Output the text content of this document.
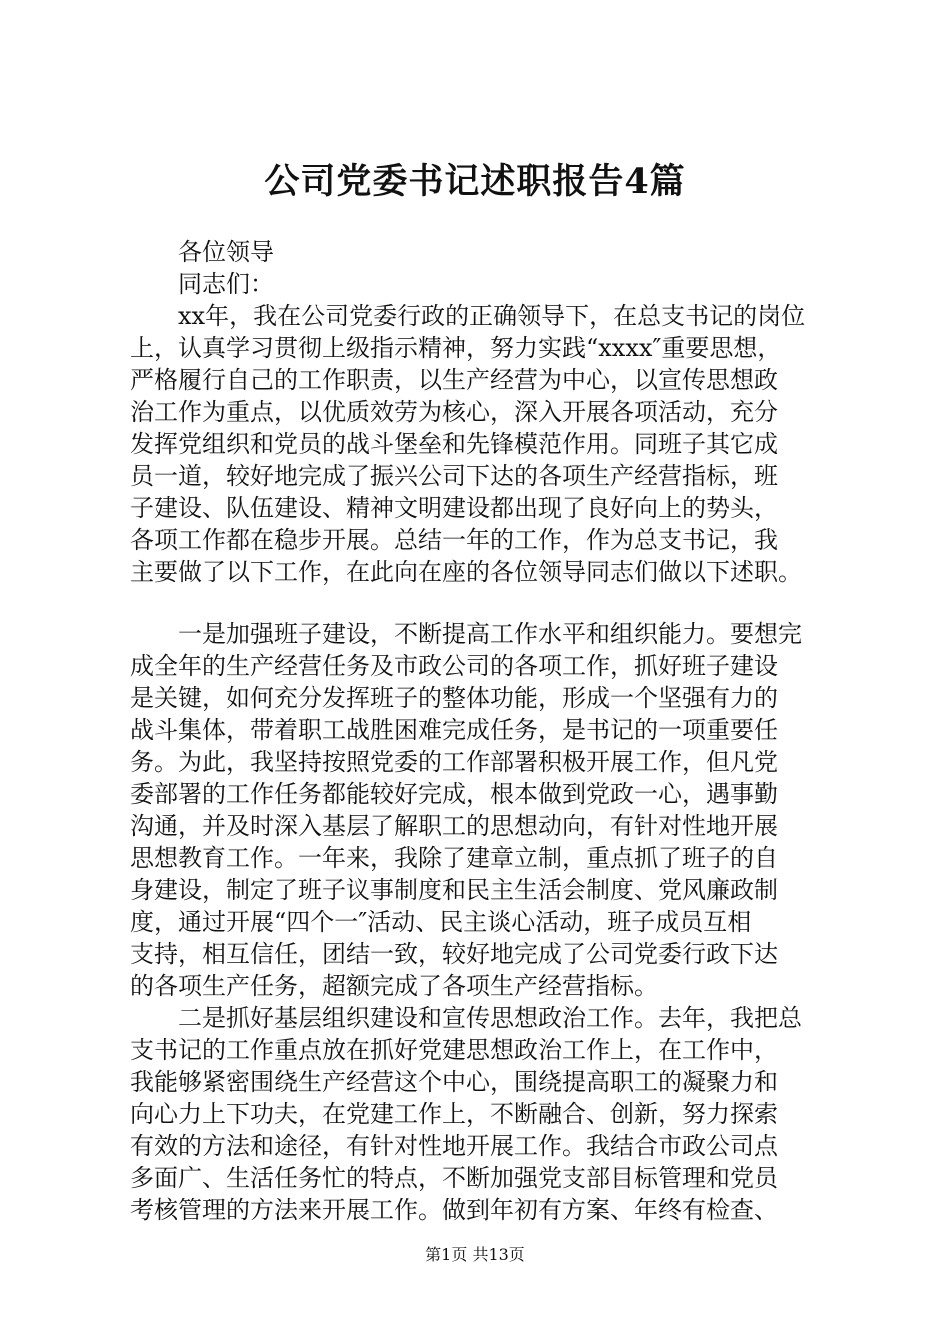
公司党委书记述职报告4篇
各位领导
同志们：
xx年，我在公司党委行政的正确领导下，在总支书记的岗位
上，认真学习贯彻上级指示精神，努力实践“xxxx″重要思想，
严格履行自己的工作职责，以生产经营为中心，以宣传思想政
治工作为重点，以优质效劳为核心，深入开展各项活动，充分
发挥党组织和党员的战斗堡垒和先锋模范作用。同班子其它成
员一道，较好地完成了振兴公司下达的各项生产经营指标，班
子建设、队伍建设、精神文明建设都出现了良好向上的势头，
各项工作都在稳步开展。总结一年的工作，作为总支书记，我
主要做了以下工作，在此向在座的各位领导同志们做以下述职。
一是加强班子建设，不断提高工作水平和组织能力。要想完
成全年的生产经营任务及市政公司的各项工作，抓好班子建设
是关键，如何充分发挥班子的整体功能，形成一个坚强有力的
战斗集体，带着职工战胜困难完成任务，是书记的一项重要任
务。为此，我坚持按照党委的工作部署积极开展工作，但凡党
委部署的工作任务都能较好完成，根本做到党政一心，遇事勤
沟通，并及时深入基层了解职工的思想动向，有针对性地开展
思想教育工作。一年来，我除了建章立制，重点抓了班子的自
身建设，制定了班子议事制度和民主生活会制度、党风廉政制
度，通过开展“四个一″活动、民主谈心活动，班子成员互相
支持，相互信任，团结一致，较好地完成了公司党委行政下达
的各项生产任务，超额完成了各项生产经营指标。
二是抓好基层组织建设和宣传思想政治工作。去年，我把总
支书记的工作重点放在抓好党建思想政治工作上，在工作中，
我能够紧密围绕生产经营这个中心，围绕提高职工的凝聚力和
向心力上下功夫，在党建工作上，不断融合、创新，努力探索
有效的方法和途径，有针对性地开展工作。我结合市政公司点
多面广、生活任务忙的特点，不断加强党支部目标管理和党员
考核管理的方法来开展工作。做到年初有方案、年终有检查、
第1页 共13页
